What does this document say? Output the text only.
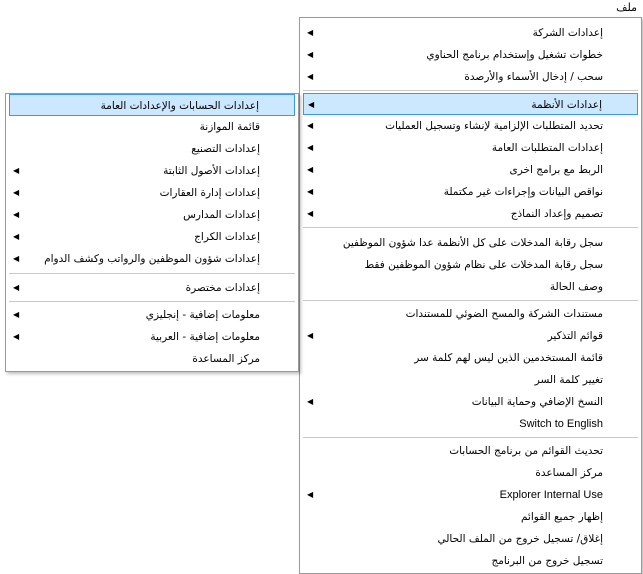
ملف
◀	إعدادات الشركة
◀	خطوات تشغيل وإستخدام برنامج الحناوي
◀	سحب / إدخال الأسماء والأرصدة
◀	إعدادات الأنظمة
◀	تحديد المتطلبات الإلزامية لإنشاء وتسجيل العمليات
◀	إعدادات المتطلبات العامة
◀	الربط مع برامج اخرى
◀	نواقص البيانات وإجراءات غير مكتملة
◀	تصميم وإعداد النماذج
سجل رقابة المدخلات على كل الأنظمة عدا شؤون الموظفين
سجل رقابة المدخلات على نظام شؤون الموظفين فقط
وصف الحالة
مستندات الشركة والمسح الضوئي للمستندات
◀	قوائم التذكير
قائمة المستخدمين الذين ليس لهم كلمة سر
تغيير كلمة السر
◀	النسخ الإضافي وحماية البيانات
Switch to English
تحديث القوائم من برنامج الحسابات
مركز المساعدة
◀	Explorer Internal Use
إظهار جميع القوائم
إغلاق/ تسجيل خروج من الملف الحالي
تسجيل خروج من البرنامج
إعدادات الحسابات والإعدادات العامة
قائمة الموازنة
إعدادات التصنيع
◀	إعدادات الأصول الثابتة
◀	إعدادات إدارة العقارات
◀	إعدادات المدارس
◀	إعدادات الكراج
◀ إعدادات شؤون الموظفين والرواتب وكشف الدوام
◀	إعدادات مختصرة
◀	معلومات إضافية - إنجليزي
◀	معلومات إضافية - العربية
مركز المساعدة
